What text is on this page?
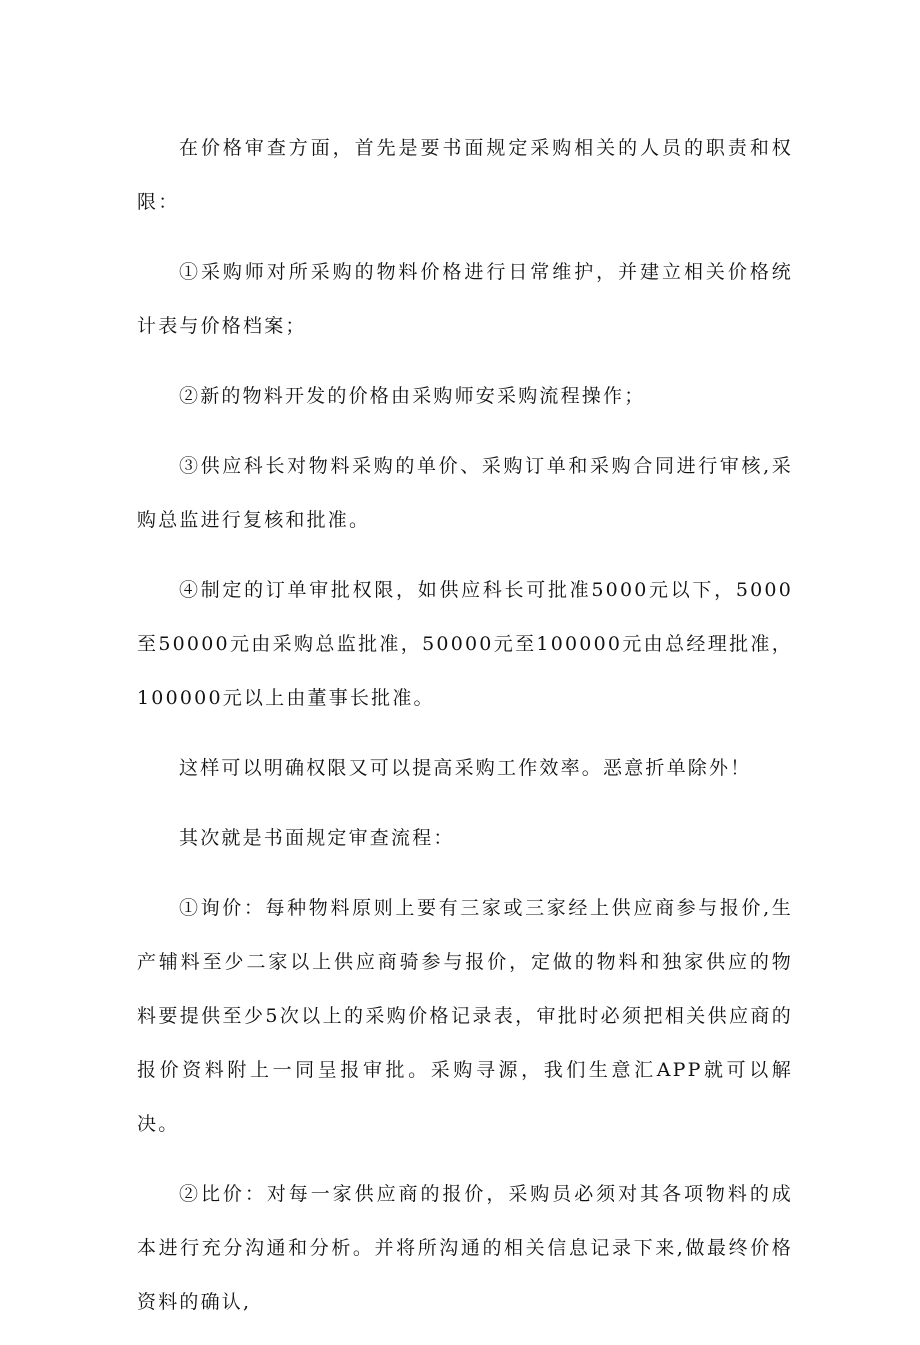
在价格审查方面，首先是要书面规定采购相关的人员的职责和权限：

①采购师对所采购的物料价格进行日常维护，并建立相关价格统计表与价格档案；

②新的物料开发的价格由采购师安采购流程操作；

③供应科长对物料采购的单价、采购订单和采购合同进行审核,采购总监进行复核和批准。

④制定的订单审批权限，如供应科长可批准5000元以下，5000至50000元由采购总监批准，50000元至100000元由总经理批准，100000元以上由董事长批准。

这样可以明确权限又可以提高采购工作效率。恶意折单除外！

其次就是书面规定审查流程：

①询价：每种物料原则上要有三家或三家经上供应商参与报价,生产辅料至少二家以上供应商骑参与报价，定做的物料和独家供应的物料要提供至少5次以上的采购价格记录表，审批时必须把相关供应商的报价资料附上一同呈报审批。采购寻源，我们生意汇APP就可以解决。

②比价：对每一家供应商的报价，采购员必须对其各项物料的成本进行充分沟通和分析。并将所沟通的相关信息记录下来,做最终价格资料的确认,
